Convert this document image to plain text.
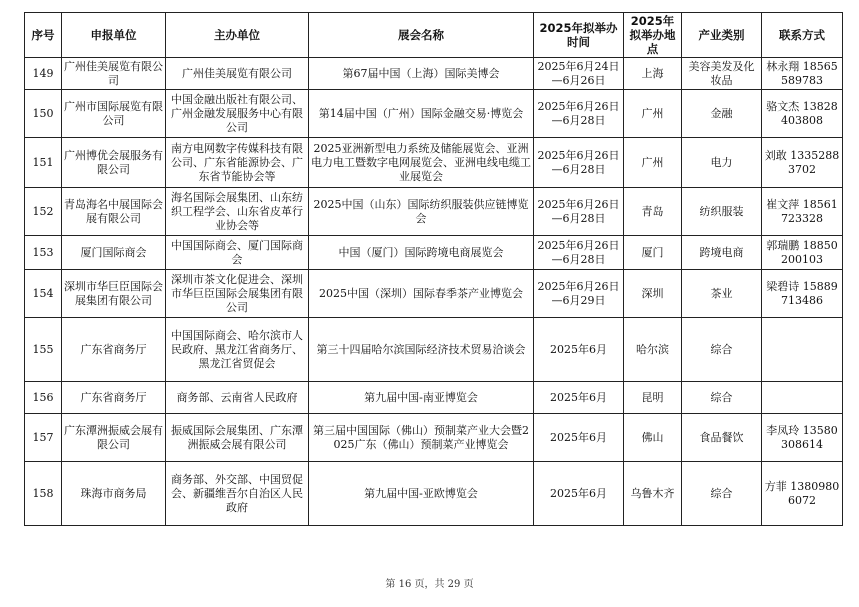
序号	申报单位	主办单位	展会名称	2025年拟举办时间	2025年拟举办地点	产业类别	联系方式
149	广州佳美展览有限公司	广州佳美展览有限公司	第67届中国（上海）国际美博会	2025年6月24日—6月26日	上海	美容美发及化妆品	林永翔 18565589783
150	广州市国际展览有限公司	中国金融出版社有限公司、广州金融发展服务中心有限公司	第14届中国（广州）国际金融交易·博览会	2025年6月26日—6月28日	广州	金融	骆文杰 13828403808
151	广州博优会展服务有限公司	南方电网数字传媒科技有限公司、广东省能源协会、广东省节能协会等	2025亚洲新型电力系统及储能展览会、亚洲电力电工暨数字电网展览会、亚洲电线电缆工业展览会	2025年6月26日—6月28日	广州	电力	刘敢 13352883702
152	青岛海名中展国际会展有限公司	海名国际会展集团、山东纺织工程学会、山东省皮革行业协会等	2025中国（山东）国际纺织服装供应链博览会	2025年6月26日—6月28日	青岛	纺织服装	崔文萍 18561723328
153	厦门国际商会	中国国际商会、厦门国际商会	中国（厦门）国际跨境电商展览会	2025年6月26日—6月28日	厦门	跨境电商	郭瑞鹏 18850200103
154	深圳市华巨臣国际会展集团有限公司	深圳市茶文化促进会、深圳市华巨臣国际会展集团有限公司	2025中国（深圳）国际春季茶产业博览会	2025年6月26日—6月29日	深圳	茶业	梁碧诗 15889713486
155	广东省商务厅	中国国际商会、哈尔滨市人民政府、黑龙江省商务厅、黑龙江省贸促会	第三十四届哈尔滨国际经济技术贸易洽谈会	2025年6月	哈尔滨	综合	
156	广东省商务厅	商务部、云南省人民政府	第九届中国-南亚博览会	2025年6月	昆明	综合	
157	广东潭洲振威会展有限公司	振威国际会展集团、广东潭洲振威会展有限公司	第三届中国国际（佛山）预制菜产业大会暨2025广东（佛山）预制菜产业博览会	2025年6月	佛山	食品餐饮	李凤玲 13580308614
158	珠海市商务局	商务部、外交部、中国贸促会、新疆维吾尔自治区人民政府	第九届中国-亚欧博览会	2025年6月	乌鲁木齐	综合	方菲 13809806072
第 16 页，共 29 页
